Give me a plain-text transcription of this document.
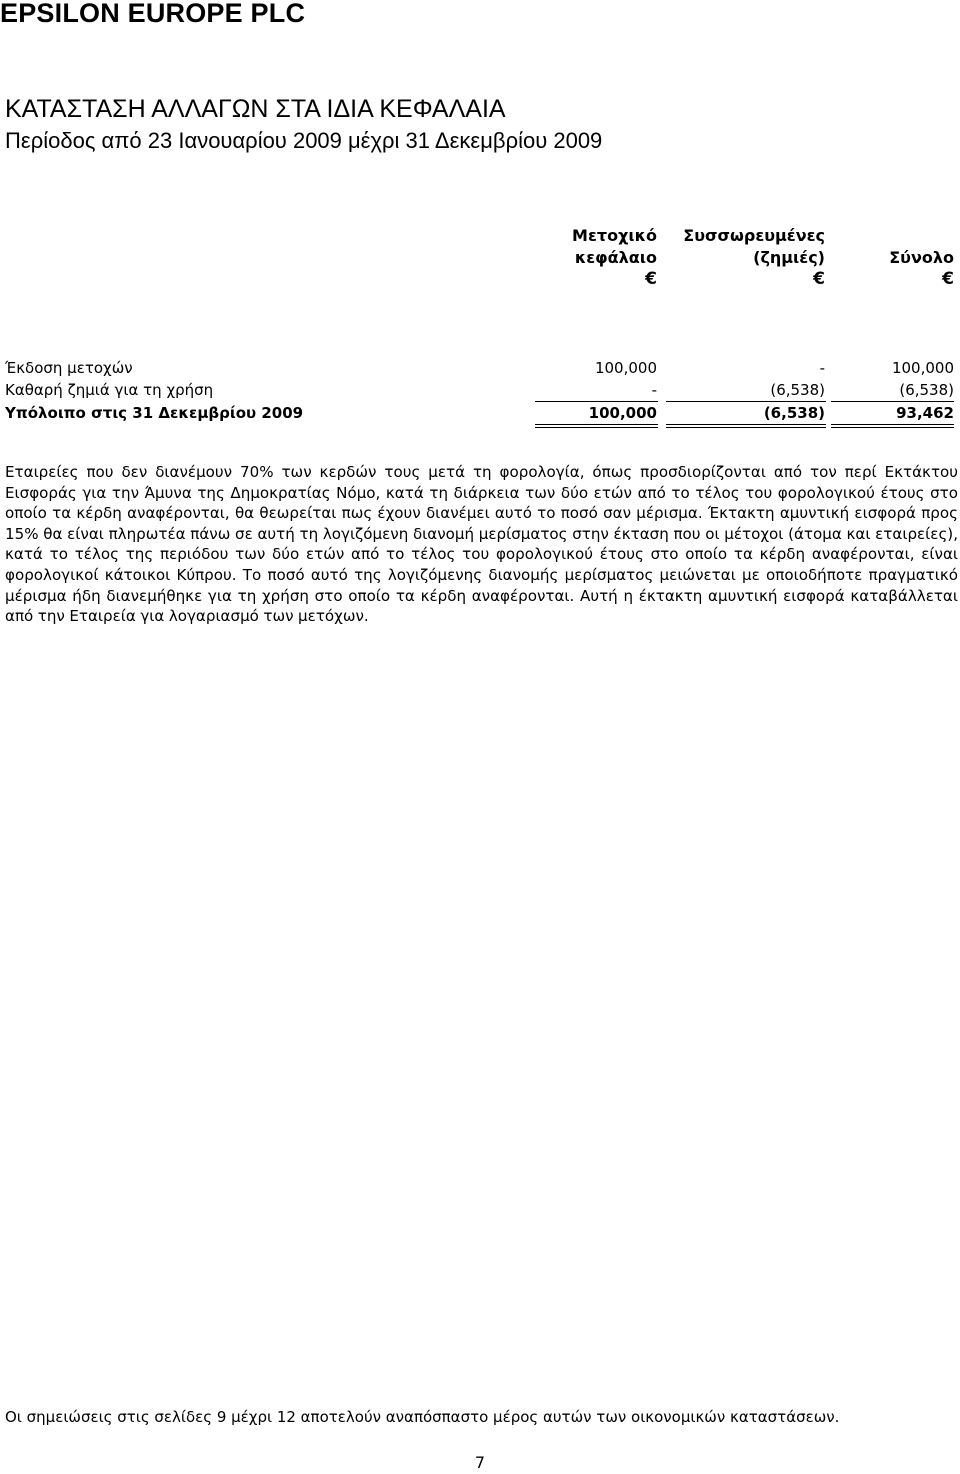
EPSILON EUROPE PLC
ΚΑΤΑΣΤΑΣΗ ΑΛΛΑΓΩΝ ΣΤΑ ΙΔΙΑ ΚΕΦΑΛΑΙΑ
Περίοδος από 23 Ιανουαρίου 2009 μέχρι 31 Δεκεμβρίου 2009
Μετοχικό
κεφάλαιο
€
Συσσωρευμένες
(ζημιές)
€
Σύνολο
€
Έκδοση μετοχών	100,000	-	100,000
Καθαρή ζημιά για τη χρήση	-	(6,538)	(6,538)
Υπόλοιπο στις 31 Δεκεμβρίου 2009	100,000	(6,538)	93,462
Εταιρείες που δεν διανέμουν 70% των κερδών τους μετά τη φορολογία, όπως προσδιορίζονται από τον περί Εκτάκτου Εισφοράς για την Άμυνα της Δημοκρατίας Νόμο, κατά τη διάρκεια των δύο ετών από το τέλος του φορολογικού έτους στο οποίο τα κέρδη αναφέρονται, θα θεωρείται πως έχουν διανέμει αυτό το ποσό σαν μέρισμα. Έκτακτη αμυντική εισφορά προς 15% θα είναι πληρωτέα πάνω σε αυτή τη λογιζόμενη διανομή μερίσματος στην έκταση που οι μέτοχοι (άτομα και εταιρείες), κατά το τέλος της περιόδου των δύο ετών από το τέλος του φορολογικού έτους στο οποίο τα κέρδη αναφέρονται, είναι φορολογικοί κάτοικοι Κύπρου. Το ποσό αυτό της λογιζόμενης διανομής μερίσματος μειώνεται με οποιοδήποτε πραγματικό μέρισμα ήδη διανεμήθηκε για τη χρήση στο οποίο τα κέρδη αναφέρονται. Αυτή η έκτακτη αμυντική εισφορά καταβάλλεται από την Εταιρεία για λογαριασμό των μετόχων.
Οι σημειώσεις στις σελίδες 9 μέχρι 12 αποτελούν αναπόσπαστο μέρος αυτών των οικονομικών καταστάσεων.
7
